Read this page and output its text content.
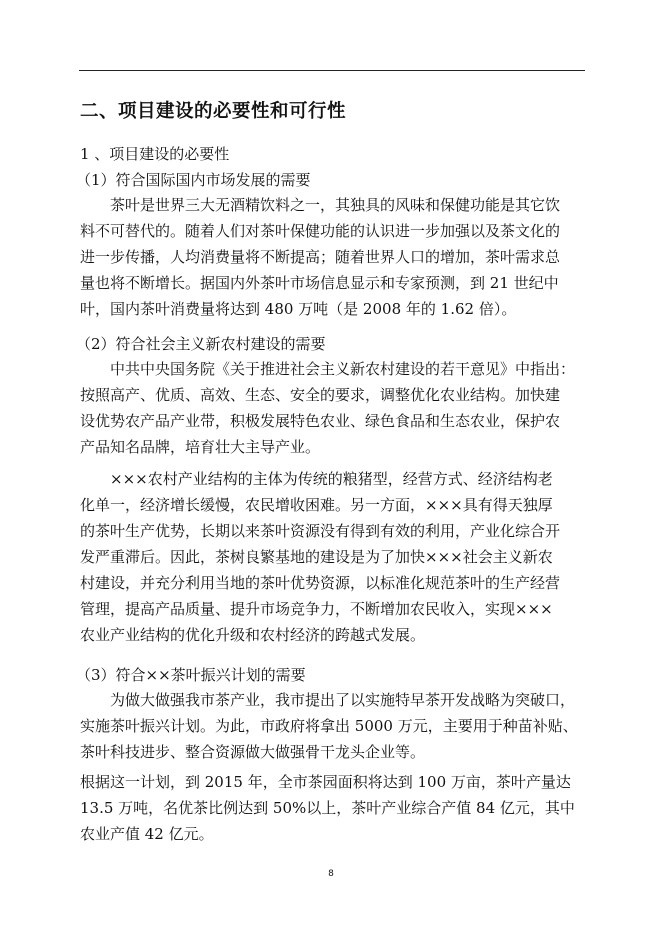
二、项目建设的必要性和可行性
1 、项目建设的必要性
（1）符合国际国内市场发展的需要
茶叶是世界三大无酒精饮料之一，其独具的风味和保健功能是其它饮
料不可替代的。随着人们对茶叶保健功能的认识进一步加强以及茶文化的
进一步传播，人均消费量将不断提高；随着世界人口的增加，茶叶需求总
量也将不断增长。据国内外茶叶市场信息显示和专家预测，到 21 世纪中
叶，国内茶叶消费量将达到 480 万吨（是 2008 年的 1.62 倍）。
（2）符合社会主义新农村建设的需要
中共中央国务院《关于推进社会主义新农村建设的若干意见》中指出：
按照高产、优质、高效、生态、安全的要求，调整优化农业结构。加快建
设优势农产品产业带，积极发展特色农业、绿色食品和生态农业，保护农
产品知名品牌，培育壮大主导产业。
×××农村产业结构的主体为传统的粮猪型，经营方式、经济结构老
化单一，经济增长缓慢，农民增收困难。另一方面，×××具有得天独厚
的茶叶生产优势，长期以来茶叶资源没有得到有效的利用，产业化综合开
发严重滞后。因此，茶树良繁基地的建设是为了加快×××社会主义新农
村建设，并充分利用当地的茶叶优势资源，以标准化规范茶叶的生产经营
管理，提高产品质量、提升市场竞争力，不断增加农民收入，实现×××
农业产业结构的优化升级和农村经济的跨越式发展。
（3）符合××茶叶振兴计划的需要
为做大做强我市茶产业，我市提出了以实施特早茶开发战略为突破口，
实施茶叶振兴计划。为此，市政府将拿出 5000 万元，主要用于种苗补贴、
茶叶科技进步、整合资源做大做强骨干龙头企业等。
根据这一计划，到 2015 年，全市茶园面积将达到 100 万亩，茶叶产量达
13.5 万吨，名优茶比例达到 50%以上，茶叶产业综合产值 84 亿元，其中
农业产值 42 亿元。
8
